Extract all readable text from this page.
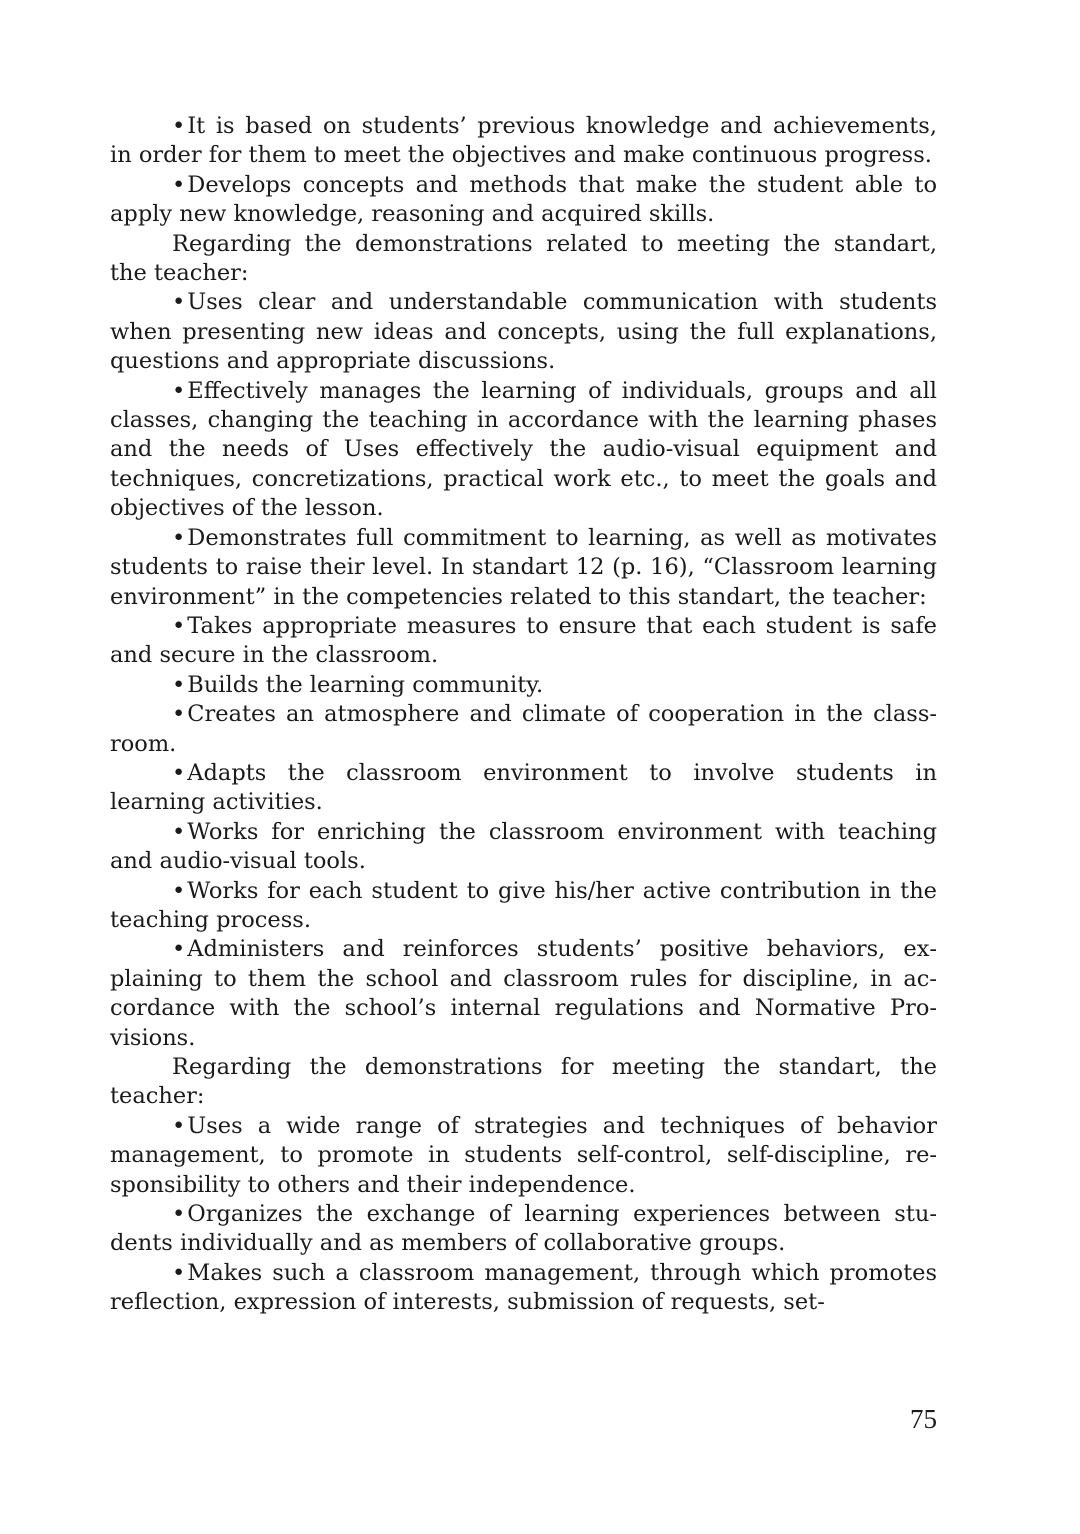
• It is based on students’ previous knowledge and achievements, in order for them to meet the objectives and make continuous progress.

• Develops concepts and methods that make the student able to apply new knowledge, reasoning and acquired skills.

Regarding the demonstrations related to meeting the standart, the teacher:

• Uses clear and understandable communication with students when presenting new ideas and concepts, using the full explanations, questions and appropriate discussions.

• Effectively manages the learning of individuals, groups and all classes, changing the teaching in accordance with the learning phases and the needs of Uses effectively the audio-visual equipment and techniques, concretizations, practical work etc., to meet the goals and objectives of the lesson.

• Demonstrates full commitment to learning, as well as motivates students to raise their level. In standart 12 (p. 16), “Classroom learning environment” in the competencies related to this standart, the teacher:

• Takes appropriate measures to ensure that each student is safe and secure in the classroom.

• Builds the learning community.

• Creates an atmosphere and climate of cooperation in the classroom.

• Adapts the classroom environment to involve students in learning activities.

• Works for enriching the classroom environment with teaching and audio-visual tools.

• Works for each student to give his/her active contribution in the teaching process.

• Administers and reinforces students’ positive behaviors, explaining to them the school and classroom rules for discipline, in accordance with the school’s internal regulations and Normative Provisions.

Regarding the demonstrations for meeting the standart, the teacher:

• Uses a wide range of strategies and techniques of behavior management, to promote in students self-control, self-discipline, responsibility to others and their independence.

• Organizes the exchange of learning experiences between students individually and as members of collaborative groups.

• Makes such a classroom management, through which promotes reflection, expression of interests, submission of requests, set-

75
